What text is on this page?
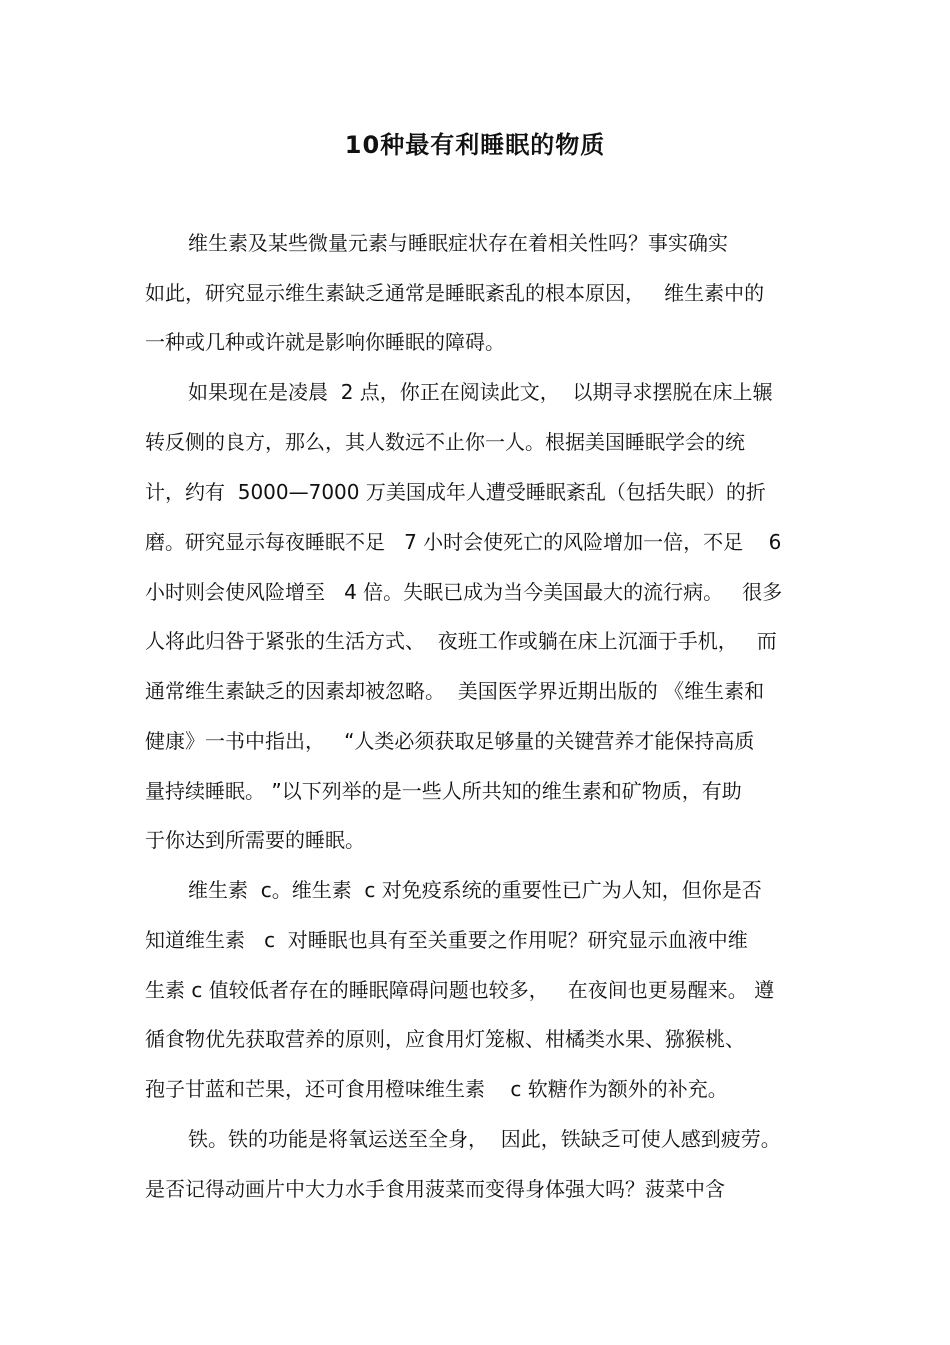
10种最有利睡眠的物质

维生素及某些微量元素与睡眠症状存在着相关性吗？事实确实

如此，研究显示维生素缺乏通常是睡眠紊乱的根本原因，   维生素中的

一种或几种或许就是影响你睡眠的障碍。

如果现在是凌晨  2 点，你正在阅读此文，  以期寻求摆脱在床上辗

转反侧的良方，那么，其人数远不止你一人。根据美国睡眠学会的统

计，约有  5000—7000 万美国成年人遭受睡眠紊乱（包括失眠）的折

磨。研究显示每夜睡眠不足   7 小时会使死亡的风险增加一倍，不足    6

小时则会使风险增至   4 倍。失眠已成为当今美国最大的流行病。   很多

人将此归咎于紧张的生活方式、  夜班工作或躺在床上沉湎于手机，   而

通常维生素缺乏的因素却被忽略。  美国医学界近期出版的 《维生素和

健康》一书中指出，   “人类必须获取足够量的关键营养才能保持高质

量持续睡眠。 ”以下列举的是一些人所共知的维生素和矿物质，有助

于你达到所需要的睡眠。

维生素  c。维生素  c 对免疫系统的重要性已广为人知，但你是否

知道维生素   c  对睡眠也具有至关重要之作用呢？研究显示血液中维

生素 c 值较低者存在的睡眠障碍问题也较多，   在夜间也更易醒来。 遵

循食物优先获取营养的原则，应食用灯笼椒、柑橘类水果、猕猴桃、

孢子甘蓝和芒果，还可食用橙味维生素    c 软糖作为额外的补充。

铁。铁的功能是将氧运送至全身，  因此，铁缺乏可使人感到疲劳。

是否记得动画片中大力水手食用菠菜而变得身体强大吗？菠菜中含
